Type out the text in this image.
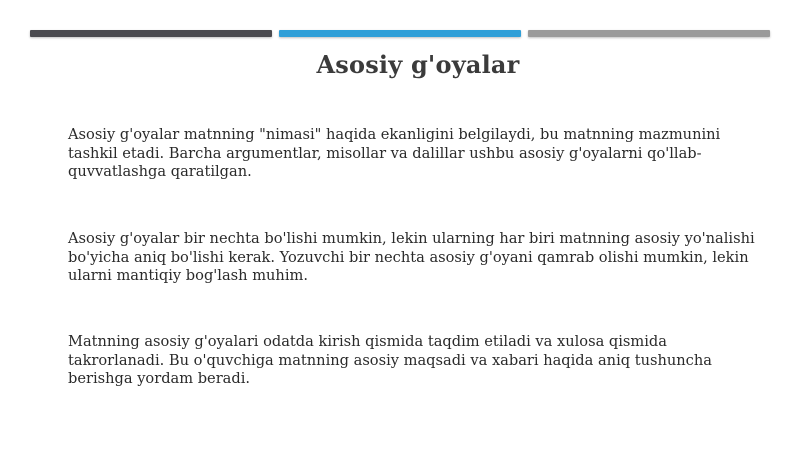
Asosiy g'oyalar

Asosiy g'oyalar matnning "nimasi" haqida ekanligini belgilaydi, bu matnning mazmunini tashkil etadi. Barcha argumentlar, misollar va dalillar ushbu asosiy g'oyalarni qo'llab-quvvatlashga qaratilgan.

Asosiy g'oyalar bir nechta bo'lishi mumkin, lekin ularning har biri matnning asosiy yo'nalishi bo'yicha aniq bo'lishi kerak. Yozuvchi bir nechta asosiy g'oyani qamrab olishi mumkin, lekin ularni mantiqiy bog'lash muhim.

Matnning asosiy g'oyalari odatda kirish qismida taqdim etiladi va xulosa qismida takrorlanadi. Bu o'quvchiga matnning asosiy maqsadi va xabari haqida aniq tushuncha berishga yordam beradi.
